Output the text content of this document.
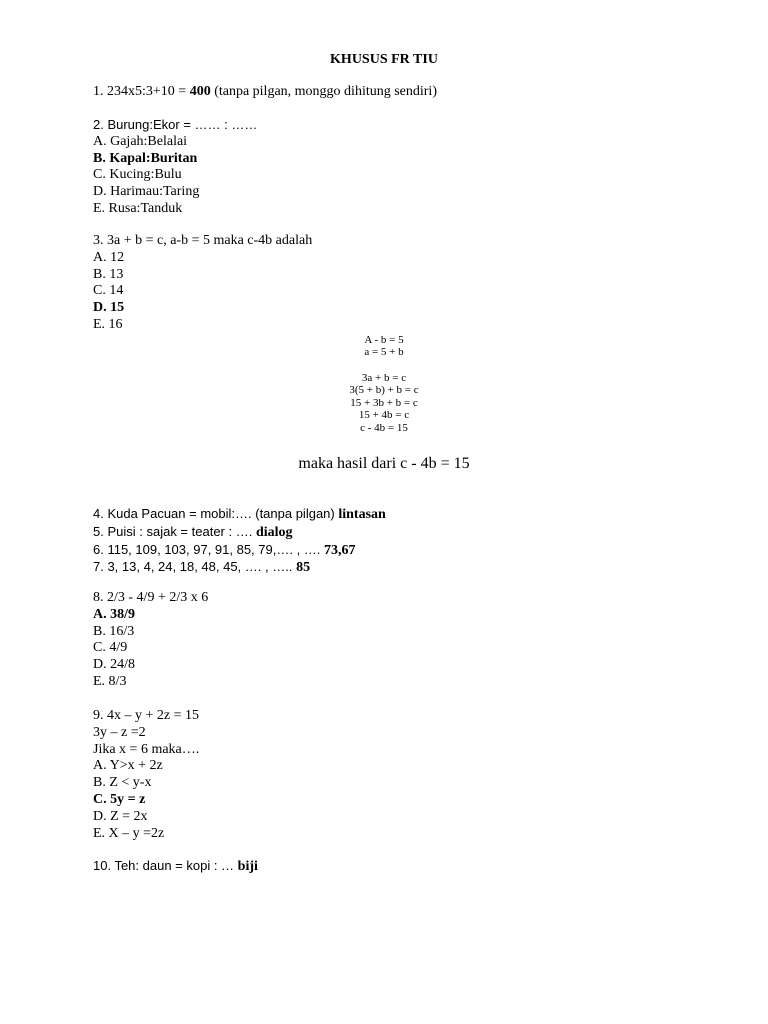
KHUSUS FR TIU
1. 234x5:3+10 = 400 (tanpa pilgan, monggo dihitung sendiri)
2. Burung:Ekor = …… : ……
A. Gajah:Belalai
B. Kapal:Buritan
C. Kucing:Bulu
D. Harimau:Taring
E. Rusa:Tanduk
3. 3a + b = c, a-b = 5 maka c-4b adalah
A. 12
B. 13
C. 14
D. 15
E. 16
A - b = 5
a = 5 + b
3a + b = c
3(5 + b) + b = c
15 + 3b + b = c
15 + 4b = c
c - 4b = 15
maka hasil dari c - 4b = 15
4. Kuda Pacuan = mobil:…. (tanpa pilgan) lintasan
5. Puisi : sajak = teater : …. dialog
6. 115, 109, 103, 97, 91, 85, 79,…. , …. 73,67
7. 3, 13, 4, 24, 18, 48, 45, …. , ….. 85
8. 2/3 - 4/9 + 2/3 x 6
A. 38/9
B. 16/3
C. 4/9
D. 24/8
E. 8/3
9. 4x – y + 2z = 15
3y – z =2
Jika x = 6 maka….
A. Y>x + 2z
B. Z < y-x
C. 5y = z
D. Z = 2x
E. X – y =2z
10. Teh: daun = kopi : … biji
